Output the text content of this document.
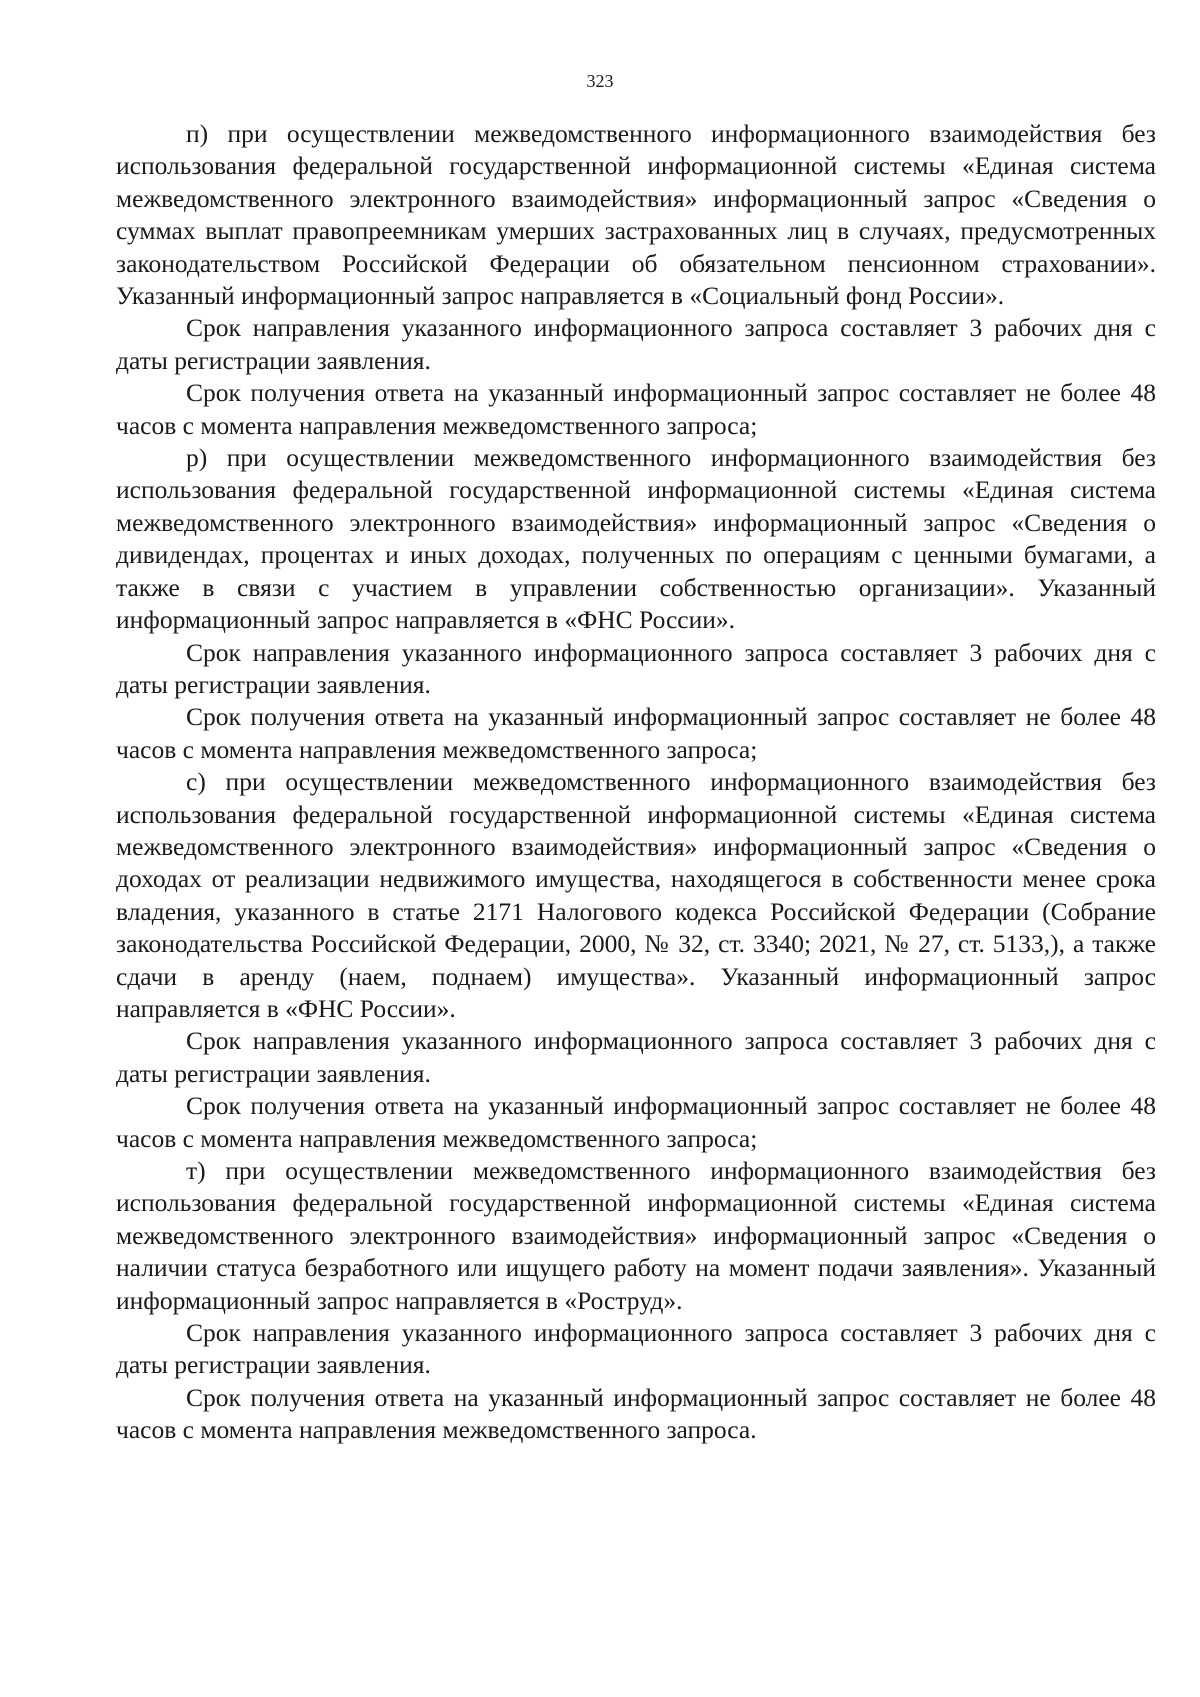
323

п) при осуществлении межведомственного информационного взаимодействия без использования федеральной государственной информационной системы «Единая система межведомственного электронного взаимодействия» информационный запрос «Сведения о суммах выплат правопреемникам умерших застрахованных лиц в случаях, предусмотренных законодательством Российской Федерации об обязательном пенсионном страховании». Указанный информационный запрос направляется в «Социальный фонд России».

Срок направления указанного информационного запроса составляет 3 рабочих дня с даты регистрации заявления.

Срок получения ответа на указанный информационный запрос составляет не более 48 часов с момента направления межведомственного запроса;

р) при осуществлении межведомственного информационного взаимодействия без использования федеральной государственной информационной системы «Единая система межведомственного электронного взаимодействия» информационный запрос «Сведения о дивидендах, процентах и иных доходах, полученных по операциям с ценными бумагами, а также в связи с участием в управлении собственностью организации». Указанный информационный запрос направляется в «ФНС России».

Срок направления указанного информационного запроса составляет 3 рабочих дня с даты регистрации заявления.

Срок получения ответа на указанный информационный запрос составляет не более 48 часов с момента направления межведомственного запроса;

с) при осуществлении межведомственного информационного взаимодействия без использования федеральной государственной информационной системы «Единая система межведомственного электронного взаимодействия» информационный запрос «Сведения о доходах от реализации недвижимого имущества, находящегося в собственности менее срока владения, указанного в статье 2171 Налогового кодекса Российской Федерации (Собрание законодательства Российской Федерации, 2000, № 32, ст. 3340; 2021, № 27, ст. 5133,), а также сдачи в аренду (наем, поднаем) имущества». Указанный информационный запрос направляется в «ФНС России».

Срок направления указанного информационного запроса составляет 3 рабочих дня с даты регистрации заявления.

Срок получения ответа на указанный информационный запрос составляет не более 48 часов с момента направления межведомственного запроса;

т) при осуществлении межведомственного информационного взаимодействия без использования федеральной государственной информационной системы «Единая система межведомственного электронного взаимодействия» информационный запрос «Сведения о наличии статуса безработного или ищущего работу на момент подачи заявления». Указанный информационный запрос направляется в «Роструд».

Срок направления указанного информационного запроса составляет 3 рабочих дня с даты регистрации заявления.

Срок получения ответа на указанный информационный запрос составляет не более 48 часов с момента направления межведомственного запроса.
